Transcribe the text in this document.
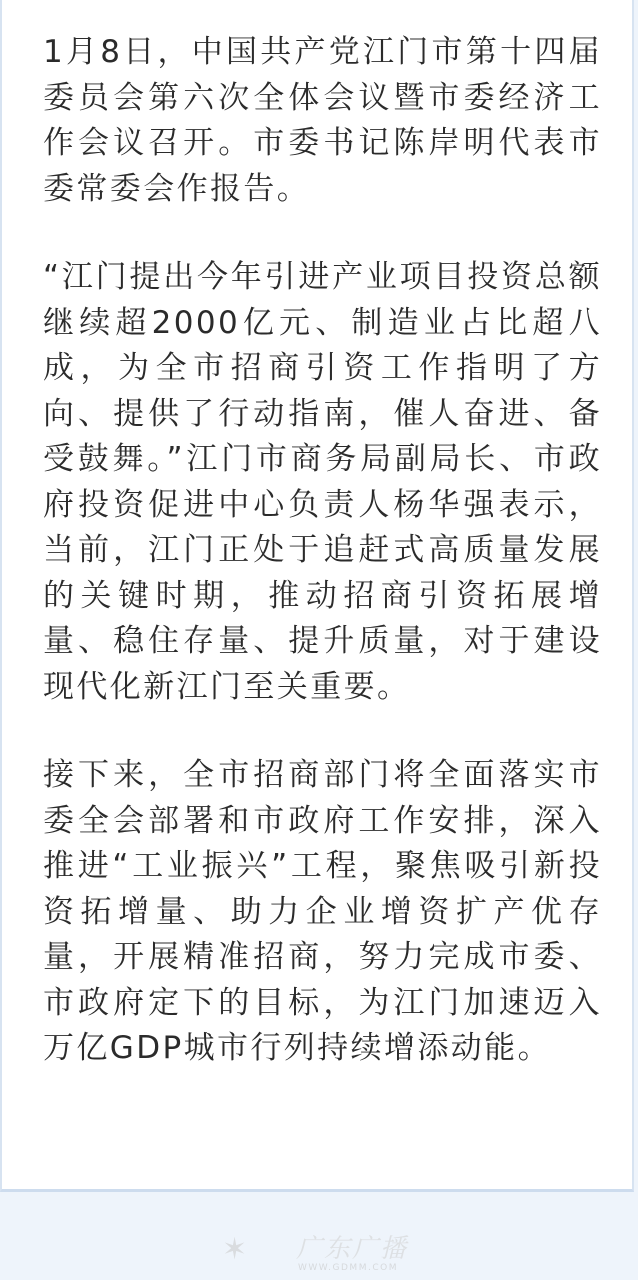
1月8日，中国共产党江门市第十四届委员会第六次全体会议暨市委经济工作会议召开。市委书记陈岸明代表市委常委会作报告。

“江门提出今年引进产业项目投资总额继续超2000亿元、制造业占比超八成，为全市招商引资工作指明了方向、提供了行动指南，催人奋进、备受鼓舞。”江门市商务局副局长、市政府投资促进中心负责人杨华强表示，当前，江门正处于追赶式高质量发展的关键时期，推动招商引资拓展增量、稳住存量、提升质量，对于建设现代化新江门至关重要。

接下来，全市招商部门将全面落实市委全会部署和市政府工作安排，深入推进“工业振兴”工程，聚焦吸引新投资拓增量、助力企业增资扩产优存量，开展精准招商，努力完成市委、市政府定下的目标，为江门加速迈入万亿GDP城市行列持续增添动能。

✶ 广东广播
WWW.GDMM.COM
